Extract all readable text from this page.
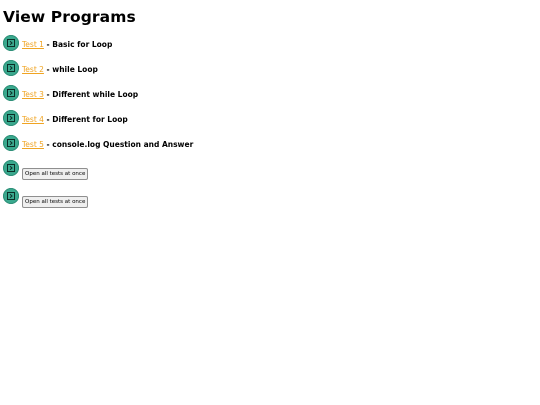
View Programs
Test 1 - Basic for Loop
Test 2 - while Loop
Test 3 - Different while Loop
Test 4 - Different for Loop
Test 5 - console.log Question and Answer
Open all tests at once
Open all tests at once
